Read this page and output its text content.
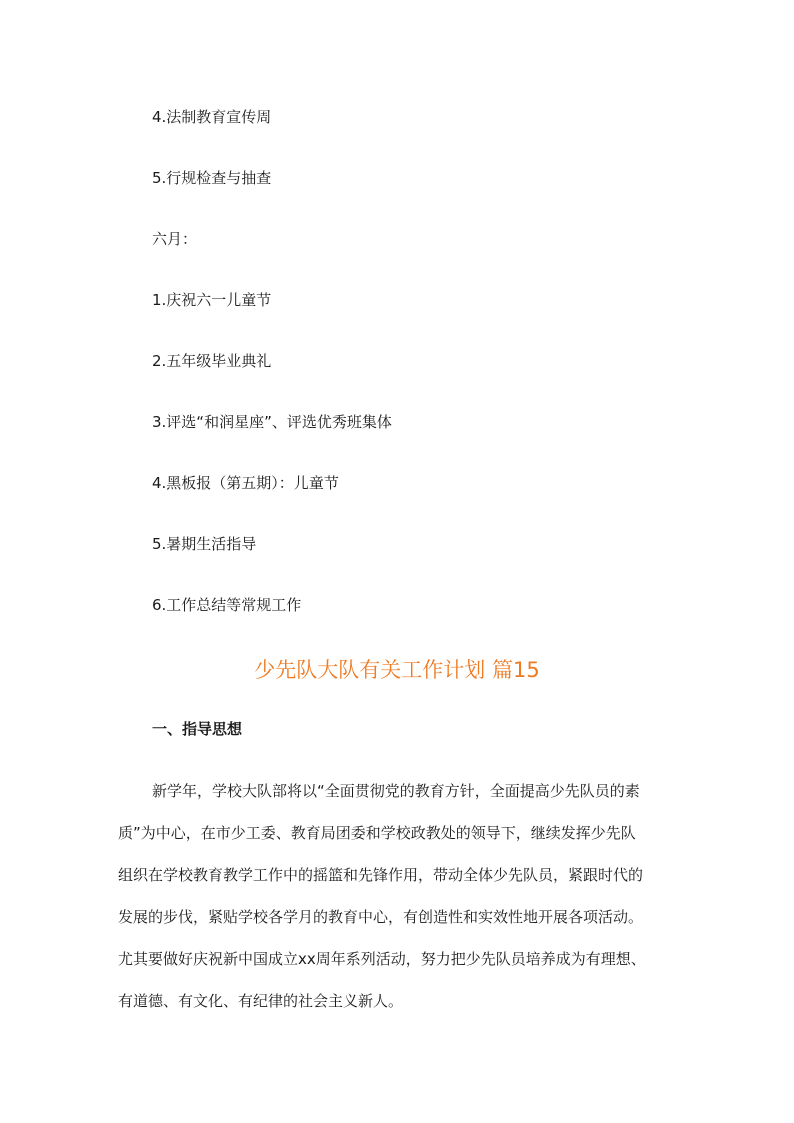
4.法制教育宣传周
5.行规检查与抽查
六月：
1.庆祝六一儿童节
2.五年级毕业典礼
3.评选“和润星座”、评选优秀班集体
4.黑板报（第五期）：儿童节
5.暑期生活指导
6.工作总结等常规工作
少先队大队有关工作计划 篇15
一、指导思想
新学年，学校大队部将以“全面贯彻党的教育方针，全面提高少先队员的素
质”为中心，在市少工委、教育局团委和学校政教处的领导下，继续发挥少先队
组织在学校教育教学工作中的摇篮和先锋作用，带动全体少先队员，紧跟时代的
发展的步伐，紧贴学校各学月的教育中心，有创造性和实效性地开展各项活动。
尤其要做好庆祝新中国成立xx周年系列活动，努力把少先队员培养成为有理想、
有道德、有文化、有纪律的社会主义新人。
